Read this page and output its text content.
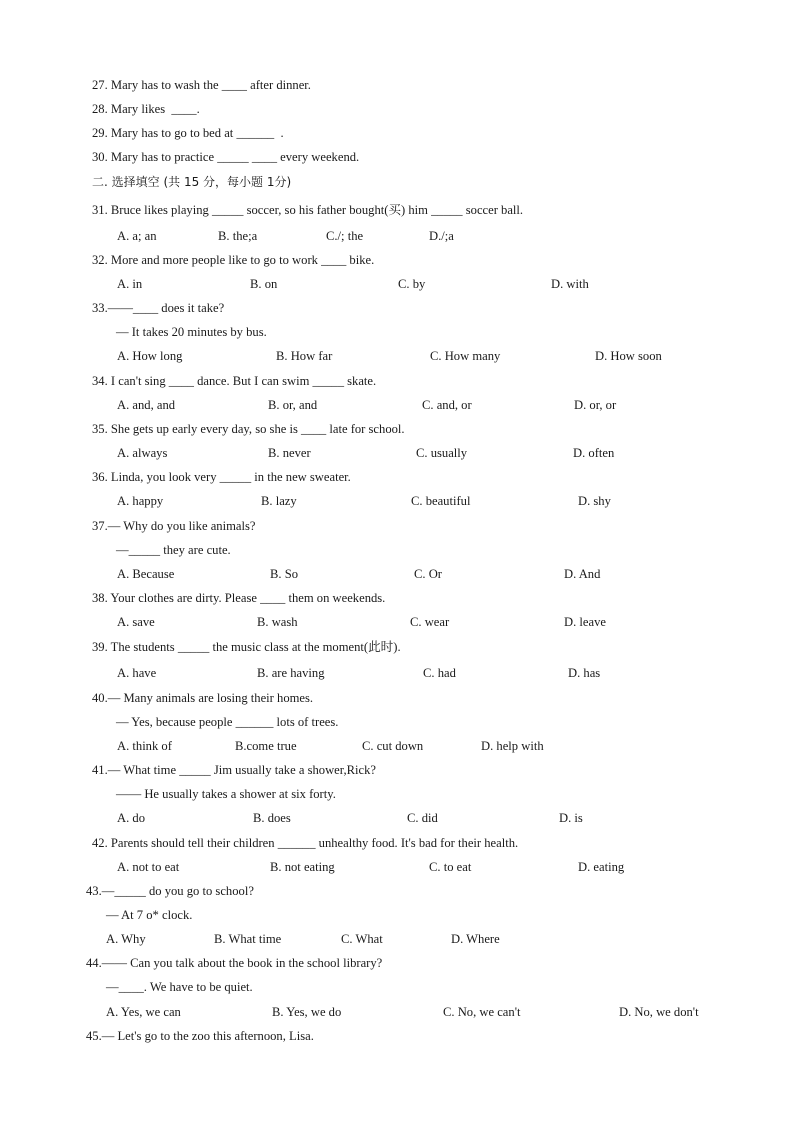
27. Mary has to wash the ____ after dinner.
28. Mary likes  ____.
29. Mary has to go to bed at ______  .
30. Mary has to practice _____ ____ every weekend.
二. 选择填空 (共 15 分，每小题 1分)
31. Bruce likes playing _____ soccer, so his father bought(买) him _____ soccer ball.
A. a; an	B. the;a	C./; the	D./;a
32. More and more people like to go to work ____ bike.
A. in	B. on	C. by	D. with
33.——____ does it take?
— It takes 20 minutes by bus.
A. How long	B. How far	C. How many	D. How soon
34. I can't sing ____ dance. But I can swim _____ skate.
A. and, and	B. or, and	C. and, or	D. or, or
35. She gets up early every day, so she is ____ late for school.
A. always	B. never	C. usually	D. often
36. Linda, you look very _____ in the new sweater.
A. happy	B. lazy	C. beautiful	D. shy
37.— Why do you like animals?
—_____ they are cute.
A. Because	B. So	C. Or	D. And
38. Your clothes are dirty. Please ____ them on weekends.
A. save	B. wash	C. wear	D. leave
39. The students _____ the music class at the moment(此时).
A. have	B. are having	C. had	D. has
40.— Many animals are losing their homes.
— Yes, because people ______ lots of trees.
A. think of	B.come true	C. cut down	D. help with
41.— What time _____ Jim usually take a shower,Rick?
—— He usually takes a shower at six forty.
A. do	B. does	C. did	D. is
42. Parents should tell their children ______ unhealthy food. It's bad for their health.
A. not to eat	B. not eating	C. to eat	D. eating
43.—_____ do you go to school?
— At 7 o* clock.
A. Why	B. What time	C. What	D. Where
44.—— Can you talk about the book in the school library?
—____. We have to be quiet.
A. Yes, we can	B. Yes, we do	C. No, we can't	D. No, we don't
45.— Let's go to the zoo this afternoon, Lisa.
